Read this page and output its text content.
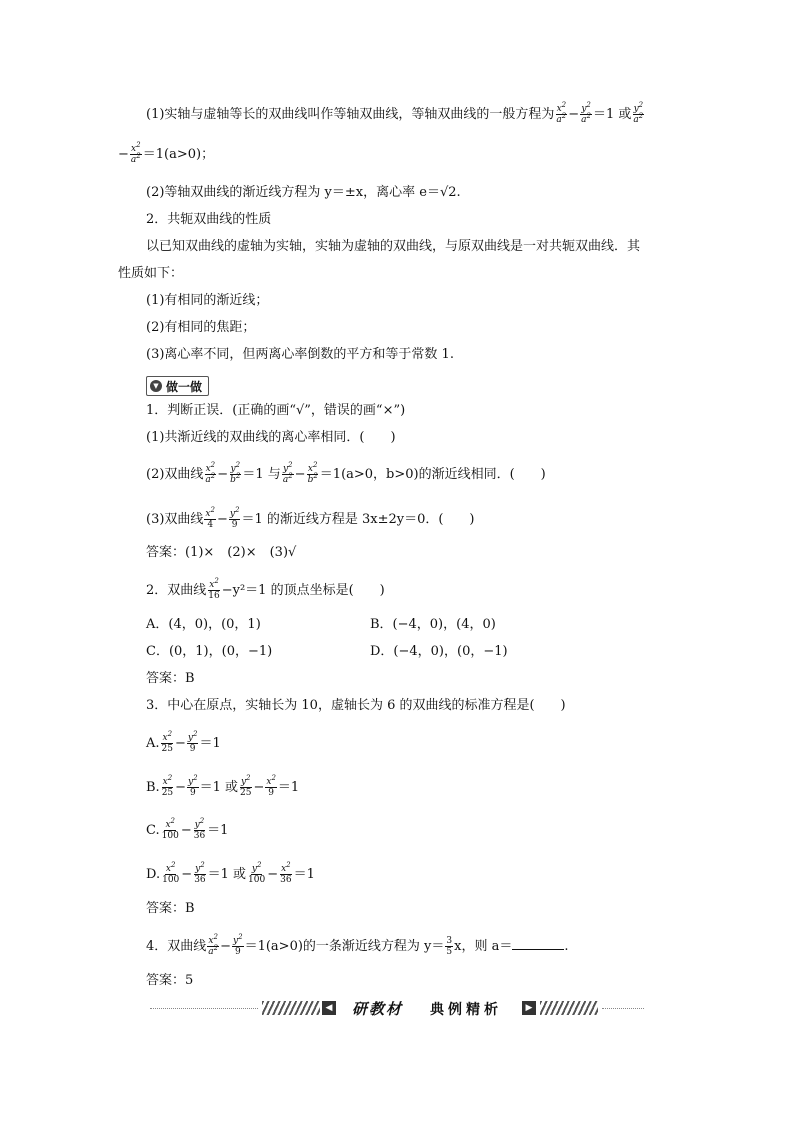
(1)实轴与虚轴等长的双曲线叫作等轴双曲线，等轴双曲线的一般方程为 $\frac{x^2}{a^2} - \frac{y^2}{a^2} =1$ 或 $\frac{y^2}{a^2}$
− $\frac{x^2}{a^2} =1(a>0)$；
(2)等轴双曲线的渐近线方程为 y＝±x，离心率 e＝√2.
2．共轭双曲线的性质
以已知双曲线的虚轴为实轴，实轴为虚轴的双曲线，与原双曲线是一对共轭双曲线．其
性质如下：
(1)有相同的渐近线；
(2)有相同的焦距；
(3)离心率不同，但两离心率倒数的平方和等于常数 1.
▼ 做一做
1．判断正误．(正确的画“√”，错误的画“×”)
(1)共渐近线的双曲线的离心率相同．(　　)
(2)双曲线 $\frac{x^2}{a^2} - \frac{y^2}{b^2} =1$ 与 $\frac{y^2}{a^2} - \frac{x^2}{b^2} =1(a>0$，b>0)的渐近线相同．(　　)
(3)双曲线 $\frac{x^2}{4} - \frac{y^2}{9} =1$ 的渐近线方程是 3x±2y＝0．(　　)
答案：(1)×　(2)×　(3)√
2．双曲线 $\frac{x^2}{16} -y^2=1$ 的顶点坐标是(　　)
A．(4，0)，(0，1)	B．(−4，0)，(4，0)
C．(0，1)，(0，−1)	D．(−4，0)，(0，−1)
答案：B
3．中心在原点，实轴长为 10，虚轴长为 6 的双曲线的标准方程是(　　)
A. $\frac{x^2}{25} - \frac{y^2}{9} =1$
B. $\frac{x^2}{25} - \frac{y^2}{9} =1$ 或 $\frac{y^2}{25} - \frac{x^2}{9} =1$
C. $\frac{x^2}{100} - \frac{y^2}{36} =1$
D. $\frac{x^2}{100} - \frac{y^2}{36} =1$ 或 $\frac{y^2}{100} - \frac{x^2}{36} =1$
答案：B
4．双曲线 $\frac{x^2}{a^2} - \frac{y^2}{9} =1(a>0)$的一条渐近线方程为 $y= \frac{3}{5}$ x，则 a＝	.
答案：5
◀ 研教材 典例精析	▶
